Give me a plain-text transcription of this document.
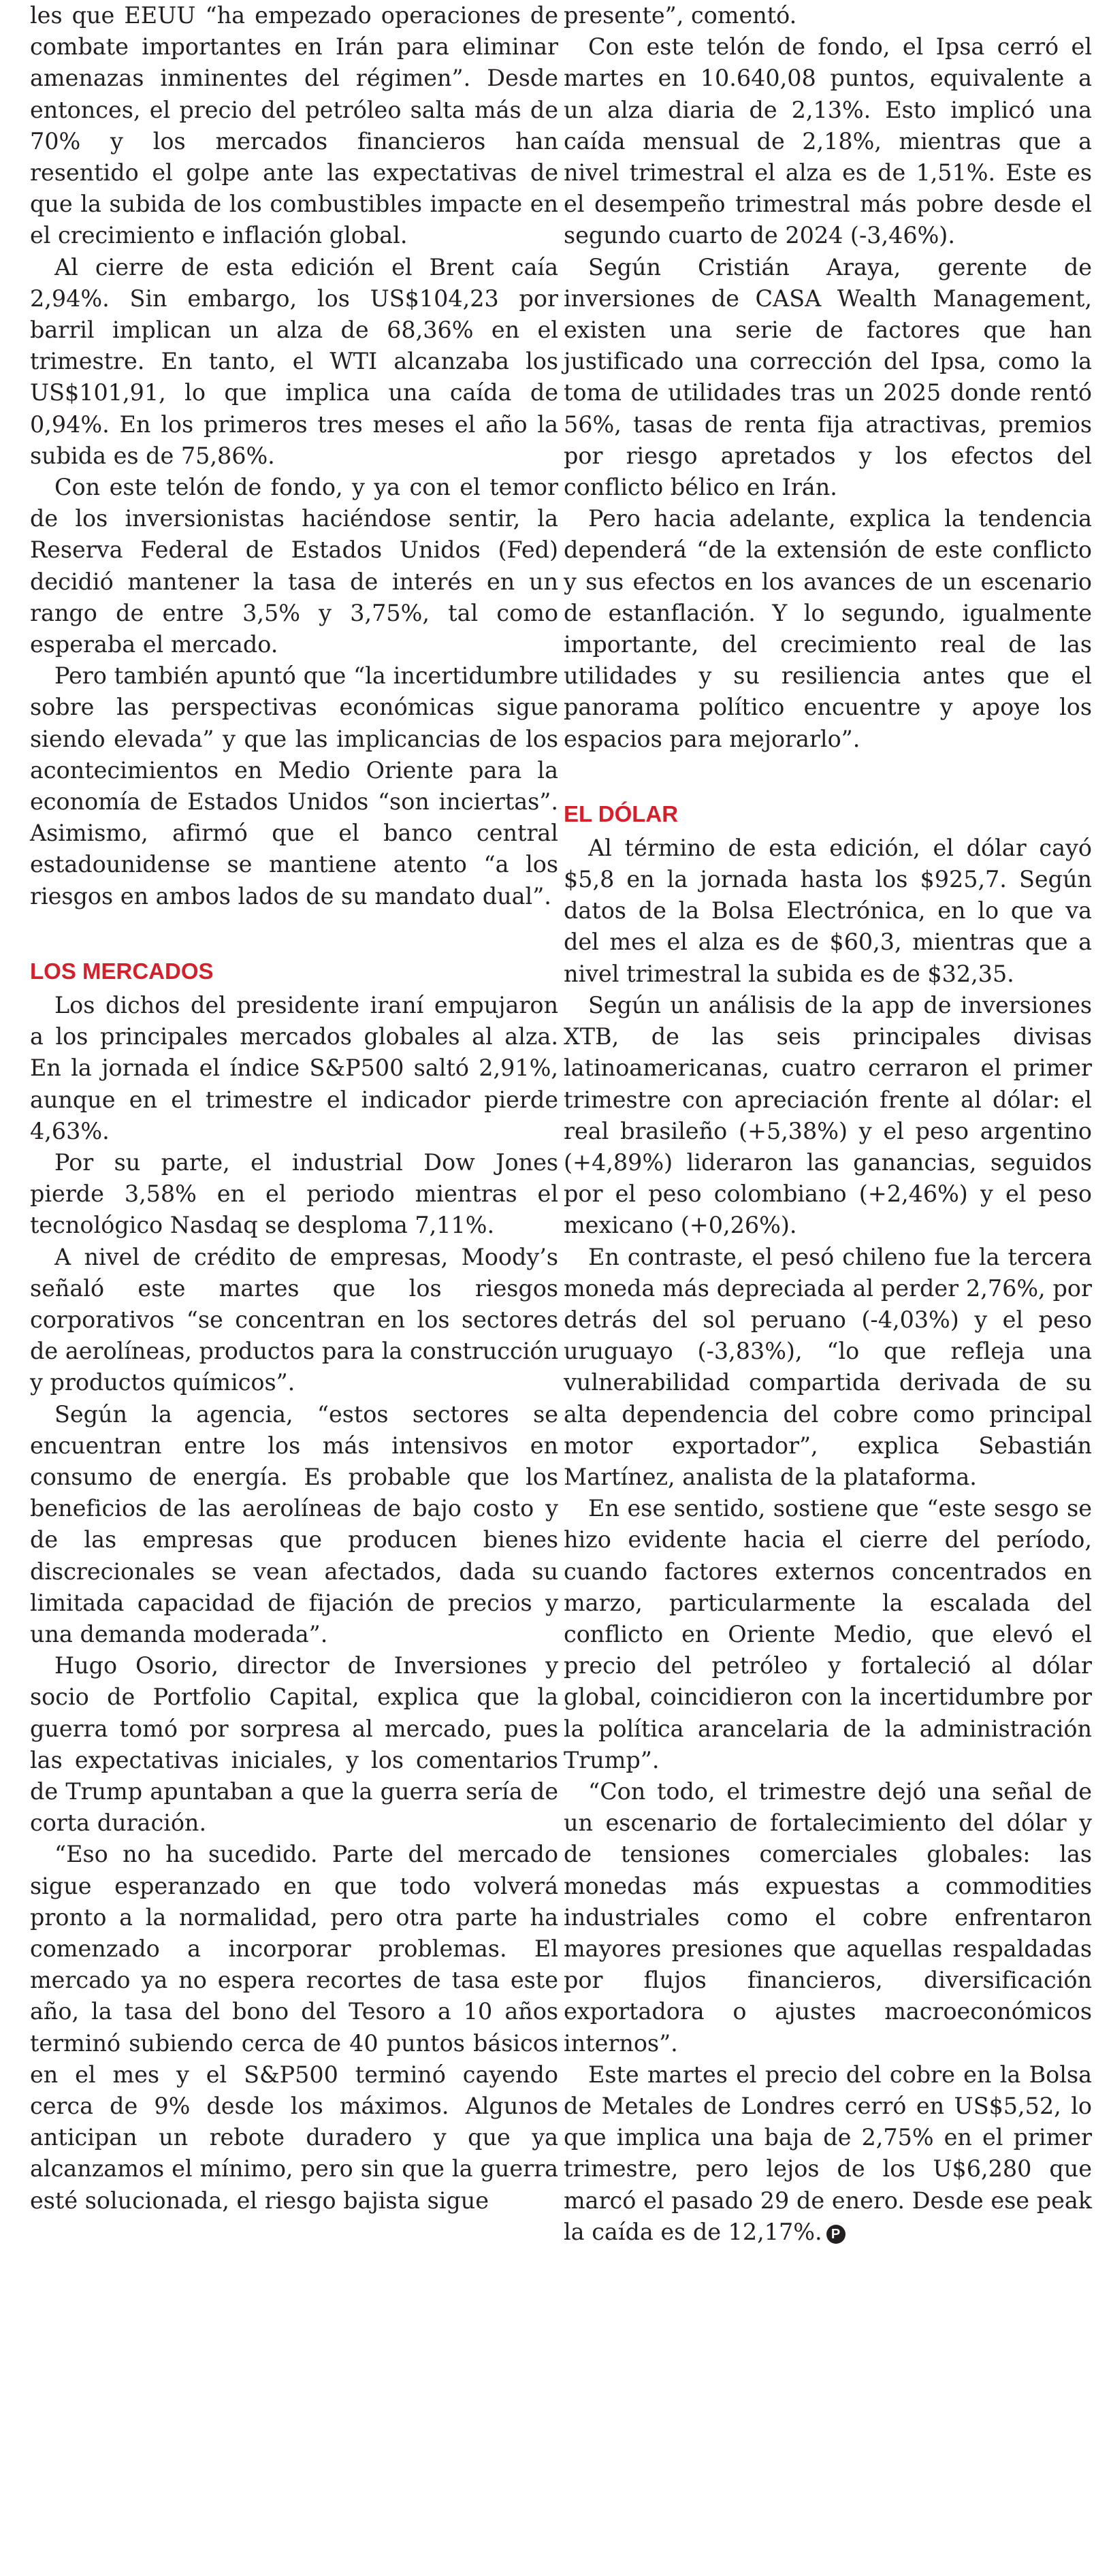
les que EEUU “ha empezado operaciones de combate importantes en Irán para eliminar amenazas inminentes del régimen”. Desde entonces, el precio del petróleo salta más de 70% y los mercados financieros han resentido el golpe ante las expectativas de que la subida de los combustibles impacte en el crecimiento e inflación global.

Al cierre de esta edición el Brent caía 2,94%. Sin embargo, los US$104,23 por barril implican un alza de 68,36% en el trimestre. En tanto, el WTI alcanzaba los US$101,91, lo que implica una caída de 0,94%. En los primeros tres meses el año la subida es de 75,86%.

Con este telón de fondo, y ya con el temor de los inversionistas haciéndose sentir, la Reserva Federal de Estados Unidos (Fed) decidió mantener la tasa de interés en un rango de entre 3,5% y 3,75%, tal como esperaba el mercado.

Pero también apuntó que “la incertidumbre sobre las perspectivas económicas sigue siendo elevada” y que las implicancias de los acontecimientos en Medio Oriente para la economía de Estados Unidos “son inciertas”. Asimismo, afirmó que el banco central estadounidense se mantiene atento “a los riesgos en ambos lados de su mandato dual”.

LOS MERCADOS

Los dichos del presidente iraní empujaron a los principales mercados globales al alza. En la jornada el índice S&P500 saltó 2,91%, aunque en el trimestre el indicador pierde 4,63%.

Por su parte, el industrial Dow Jones pierde 3,58% en el periodo mientras el tecnológico Nasdaq se desploma 7,11%.

A nivel de crédito de empresas, Moody’s señaló este martes que los riesgos corporativos “se concentran en los sectores de aerolíneas, productos para la construcción y productos químicos”.

Según la agencia, “estos sectores se encuentran entre los más intensivos en consumo de energía. Es probable que los beneficios de las aerolíneas de bajo costo y de las empresas que producen bienes discrecionales se vean afectados, dada su limitada capacidad de fijación de precios y una demanda moderada”.

Hugo Osorio, director de Inversiones y socio de Portfolio Capital, explica que la guerra tomó por sorpresa al mercado, pues las expectativas iniciales, y los comentarios de Trump apuntaban a que la guerra sería de corta duración.

“Eso no ha sucedido. Parte del mercado sigue esperanzado en que todo volverá pronto a la normalidad, pero otra parte ha comenzado a incorporar problemas. El mercado ya no espera recortes de tasa este año, la tasa del bono del Tesoro a 10 años terminó subiendo cerca de 40 puntos básicos en el mes y el S&P500 terminó cayendo cerca de 9% desde los máximos. Algunos anticipan un rebote duradero y que ya alcanzamos el mínimo, pero sin que la guerra esté solucionada, el riesgo bajista sigue

presente”, comentó.

Con este telón de fondo, el Ipsa cerró el martes en 10.640,08 puntos, equivalente a un alza diaria de 2,13%. Esto implicó una caída mensual de 2,18%, mientras que a nivel trimestral el alza es de 1,51%. Este es el desempeño trimestral más pobre desde el segundo cuarto de 2024 (-3,46%).

Según Cristián Araya, gerente de inversiones de CASA Wealth Management, existen una serie de factores que han justificado una corrección del Ipsa, como la toma de utilidades tras un 2025 donde rentó 56%, tasas de renta fija atractivas, premios por riesgo apretados y los efectos del conflicto bélico en Irán.

Pero hacia adelante, explica la tendencia dependerá “de la extensión de este conflicto y sus efectos en los avances de un escenario de estanflación. Y lo segundo, igualmente importante, del crecimiento real de las utilidades y su resiliencia antes que el panorama político encuentre y apoye los espacios para mejorarlo”.

EL DÓLAR

Al término de esta edición, el dólar cayó $5,8 en la jornada hasta los $925,7. Según datos de la Bolsa Electrónica, en lo que va del mes el alza es de $60,3, mientras que a nivel trimestral la subida es de $32,35.

Según un análisis de la app de inversiones XTB, de las seis principales divisas latinoamericanas, cuatro cerraron el primer trimestre con apreciación frente al dólar: el real brasileño (+5,38%) y el peso argentino (+4,89%) lideraron las ganancias, seguidos por el peso colombiano (+2,46%) y el peso mexicano (+0,26%).

En contraste, el pesó chileno fue la tercera moneda más depreciada al perder 2,76%, por detrás del sol peruano (-4,03%) y el peso uruguayo (-3,83%), “lo que refleja una vulnerabilidad compartida derivada de su alta dependencia del cobre como principal motor exportador”, explica Sebastián Martínez, analista de la plataforma.

En ese sentido, sostiene que “este sesgo se hizo evidente hacia el cierre del período, cuando factores externos concentrados en marzo, particularmente la escalada del conflicto en Oriente Medio, que elevó el precio del petróleo y fortaleció al dólar global, coincidieron con la incertidumbre por la política arancelaria de la administración Trump”.

“Con todo, el trimestre dejó una señal de un escenario de fortalecimiento del dólar y de tensiones comerciales globales: las monedas más expuestas a commodities industriales como el cobre enfrentaron mayores presiones que aquellas respaldadas por flujos financieros, diversificación exportadora o ajustes macroeconómicos internos”.

Este martes el precio del cobre en la Bolsa de Metales de Londres cerró en US$5,52, lo que implica una baja de 2,75% en el primer trimestre, pero lejos de los U$6,280 que marcó el pasado 29 de enero. Desde ese peak la caída es de 12,17%. P
